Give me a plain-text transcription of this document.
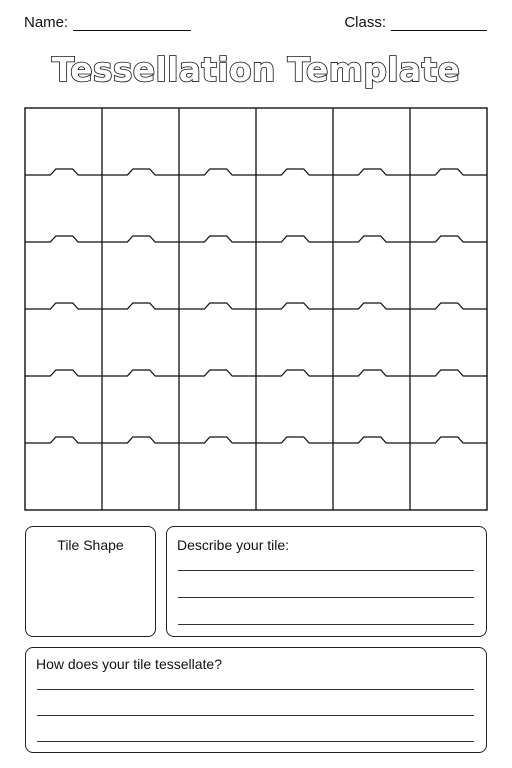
Name:	Class:
Tessellation Template
Tile Shape	Describe your tile:
How does your tile tessellate?
